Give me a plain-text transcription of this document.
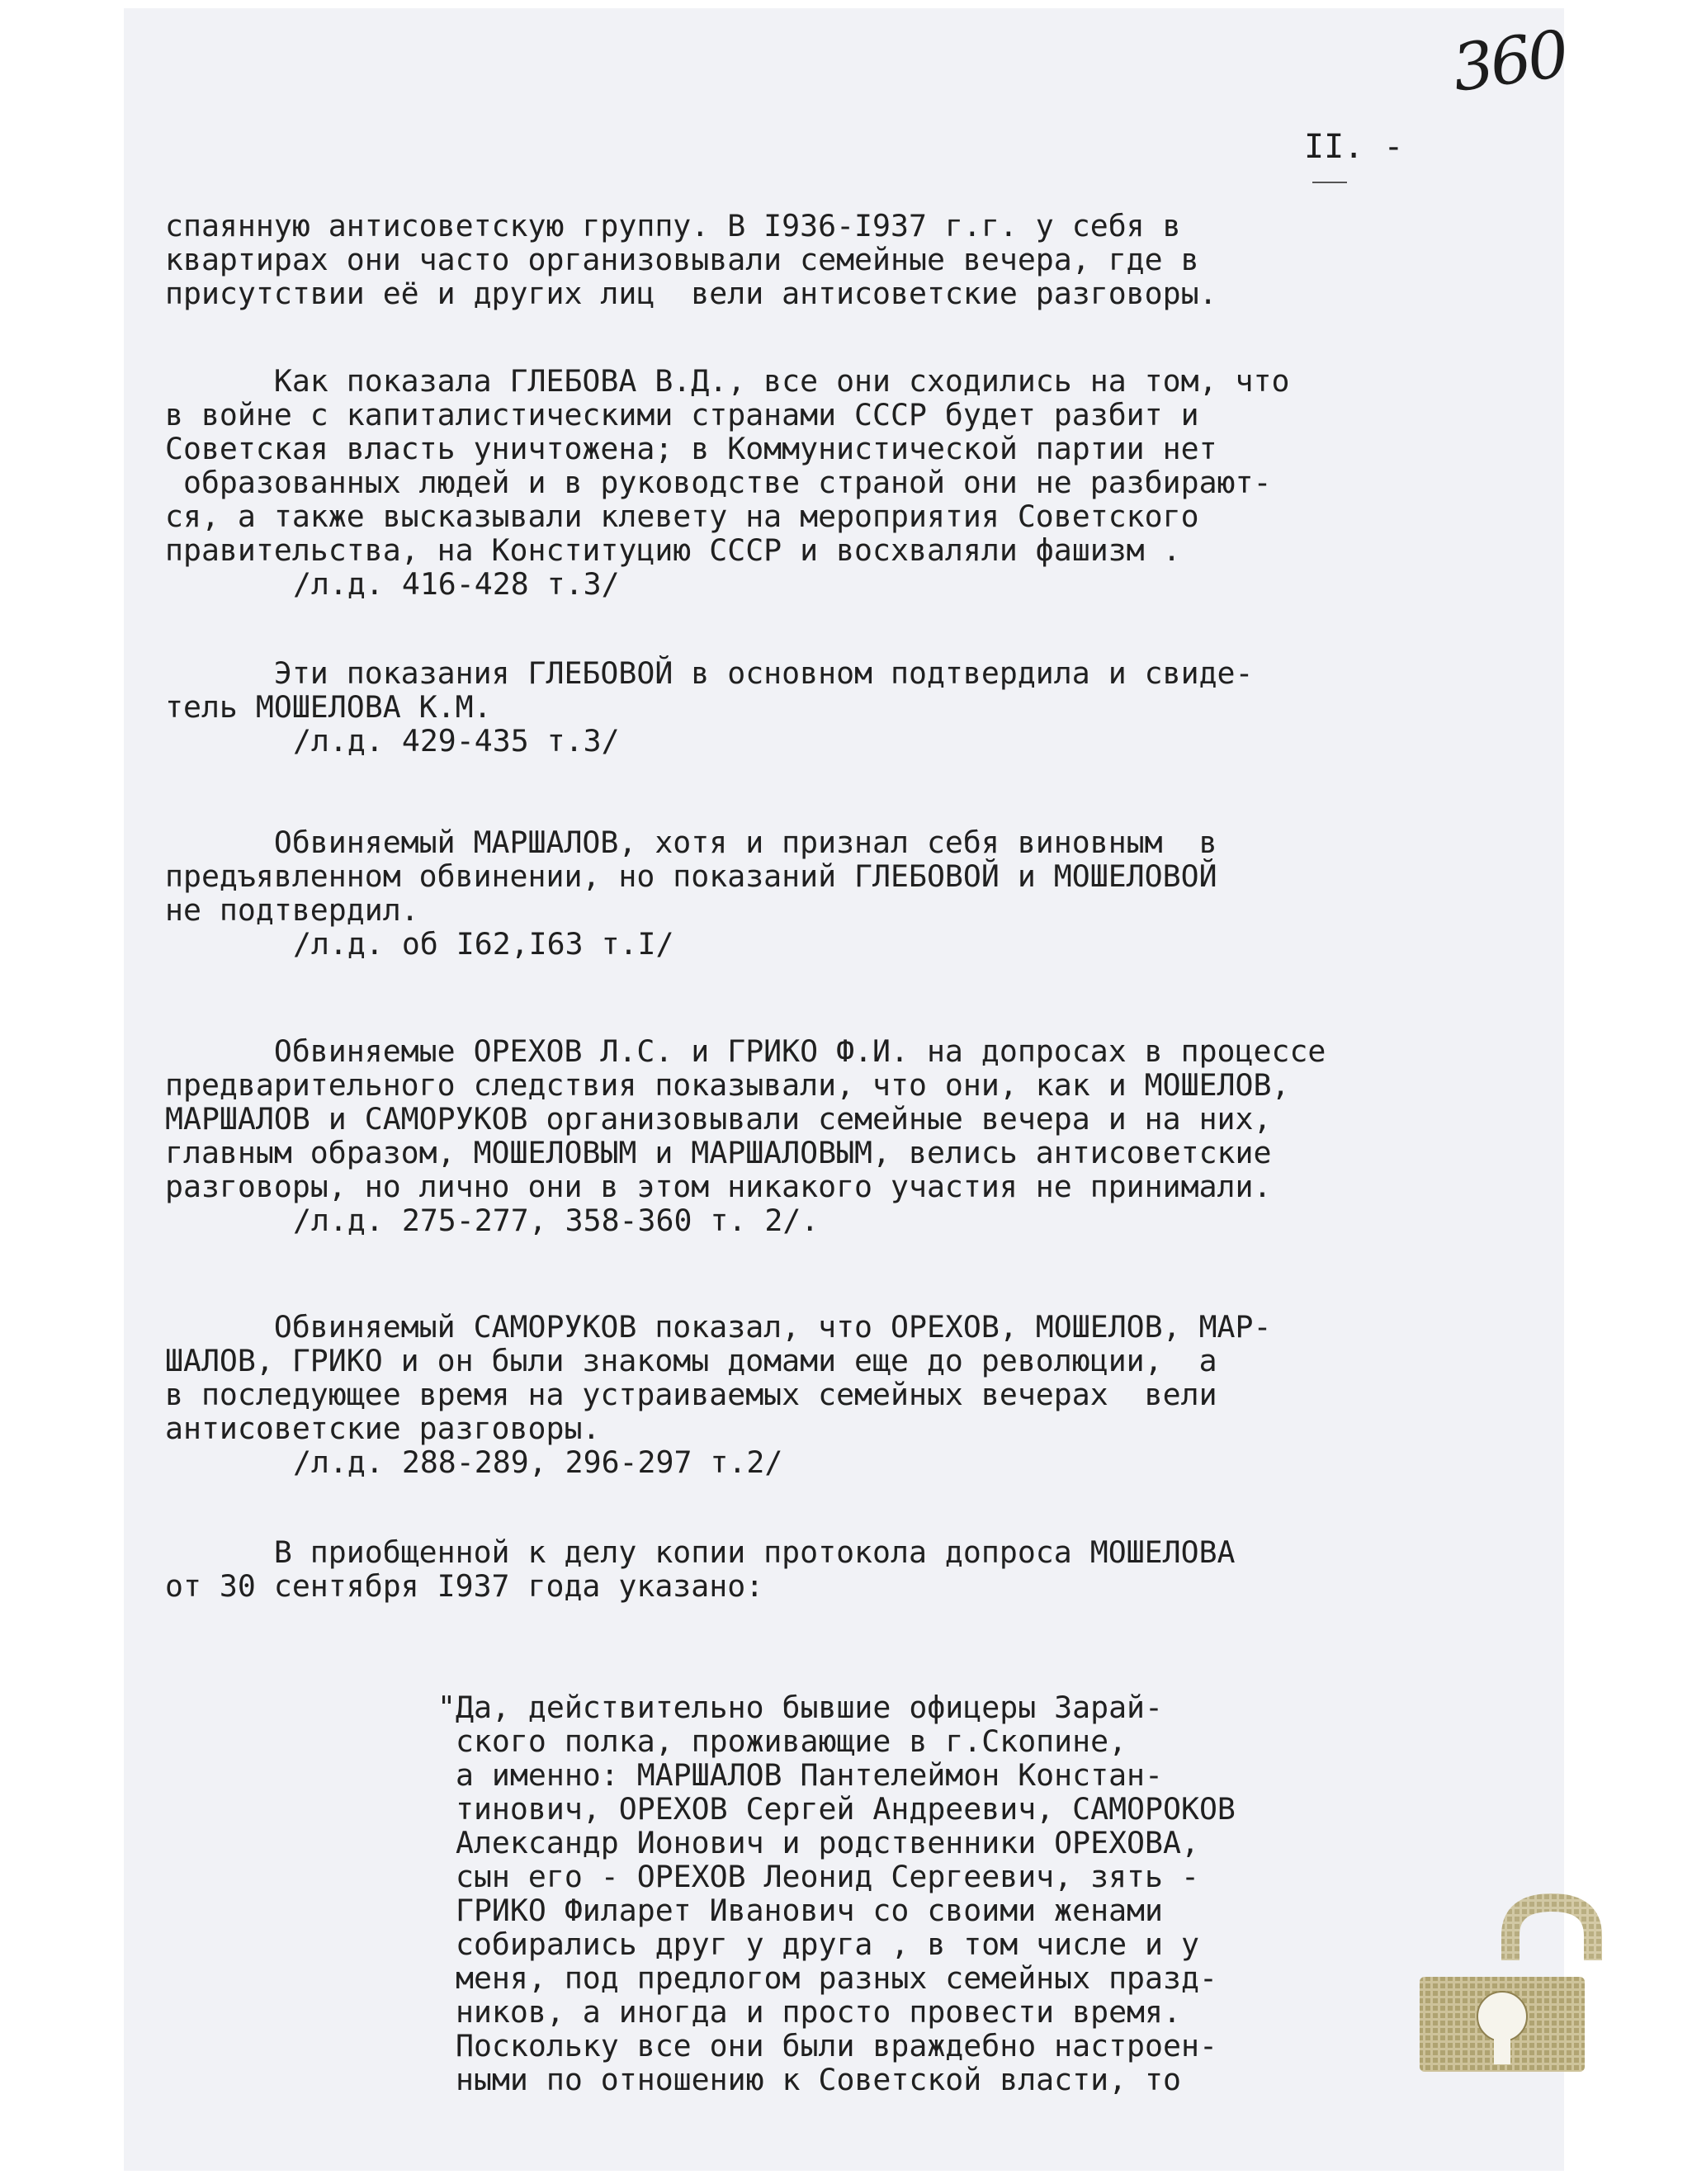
360
II. -

спаянную антисоветскую группу. В I936-I937 г.г. у себя в

квартирах они часто организовывали семейные вечера, где в

присутствии её и других лиц  вели антисоветские разговоры.

Как показала ГЛЕБОВА В.Д., все они сходились на том, что

в войне с капиталистическими странами СССР будет разбит и

Советская власть уничтожена; в Коммунистической партии нет

образованных людей и в руководстве страной они не разбирают-

ся, а также высказывали клевету на мероприятия Советского

правительства, на Конституцию СССР и восхваляли фашизм .

/л.д. 416-428 т.3/

Эти показания ГЛЕБОВОЙ в основном подтвердила и свиде-

тель МОШЕЛОВА К.М.

/л.д. 429-435 т.3/

Обвиняемый МАРШАЛОВ, хотя и признал себя виновным  в

предъявленном обвинении, но показаний ГЛЕБОВОЙ и МОШЕЛОВОЙ

не подтвердил.

/л.д. об I62,I63 т.I/

Обвиняемые ОРЕХОВ Л.С. и ГРИКО Ф.И. на допросах в процессе

предварительного следствия показывали, что они, как и МОШЕЛОВ,

МАРШАЛОВ и САМОРУКОВ организовывали семейные вечера и на них,

главным образом, МОШЕЛОВЫМ и МАРШАЛОВЫМ, велись антисоветские

разговоры, но лично они в этом никакого участия не принимали.

/л.д. 275-277, 358-360 т. 2/.

Обвиняемый САМОРУКОВ показал, что ОРЕХОВ, МОШЕЛОВ, МАР-

ШАЛОВ, ГРИКО и он были знакомы домами еще до революции,  а

в последующее время на устраиваемых семейных вечерах  вели

антисоветские разговоры.

/л.д. 288-289, 296-297 т.2/

В приобщенной к делу копии протокола допроса МОШЕЛОВА

от 30 сентября I937 года указано:

"Да, действительно бывшие офицеры Зарай-

ского полка, проживающие в г.Скопине,

а именно: МАРШАЛОВ Пантелеймон Констан-

тинович, ОРЕХОВ Сергей Андреевич, САМОРОКОВ

Александр Ионович и родственники ОРЕХОВА,

сын его - ОРЕХОВ Леонид Сергеевич, зять -

ГРИКО Филарет Иванович со своими женами

собирались друг у друга , в том числе и у

меня, под предлогом разных семейных празд-

ников, а иногда и просто провести время.

Поскольку все они были враждебно настроен-

ными по отношению к Советской власти, то
